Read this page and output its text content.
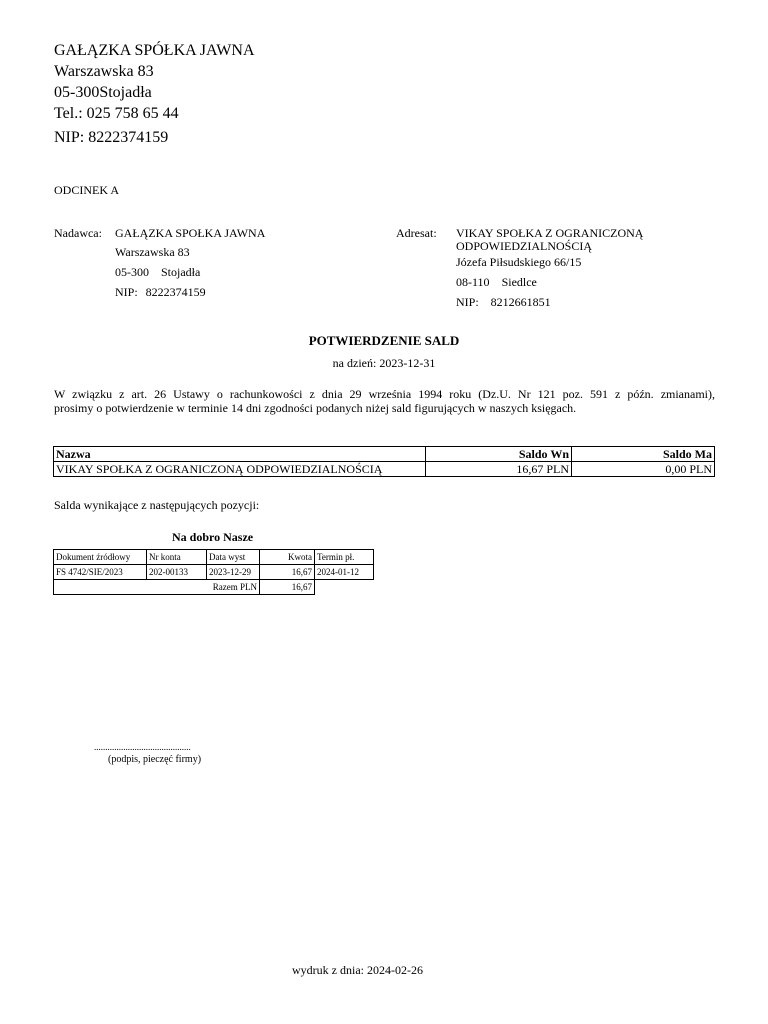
GAŁĄZKA SPÓŁKA JAWNA
Warszawska 83
05-300Stojadła
Tel.: 025 758 65 44
NIP: 8222374159
ODCINEK A
Nadawca: GAŁĄZKA SPOŁKA JAWNA
Warszawska 83
05-300 Stojadła
NIP: 8222374159
Adresat: VIKAY SPOŁKA Z OGRANICZONĄ
ODPOWIEDZIALNOŚCIĄ
Józefa Piłsudskiego 66/15
08-110 Siedlce
NIP: 8212661851
POTWIERDZENIE SALD
na dzień: 2023-12-31
W związku z art. 26 Ustawy o rachunkowości z dnia 29 września 1994 roku (Dz.U. Nr 121 poz. 591 z późn. zmianami),
prosimy o potwierdzenie w terminie 14 dni zgodności podanych niżej sald figurujących w naszych księgach.
Nazwa	Saldo Wn	Saldo Ma
VIKAY SPOŁKA Z OGRANICZONĄ ODPOWIEDZIALNOŚCIĄ	16,67 PLN	0,00 PLN
Salda wynikające z następujących pozycji:
Na dobro Nasze
Dokument źródłowy	Nr konta	Data wyst	Kwota	Termin pł.
FS 4742/SIE/2023	202-00133	2023-12-29	16,67	2024-01-12
Razem PLN			16,67	
...........................................
(podpis, pieczęć firmy)
wydruk z dnia: 2024-02-26
